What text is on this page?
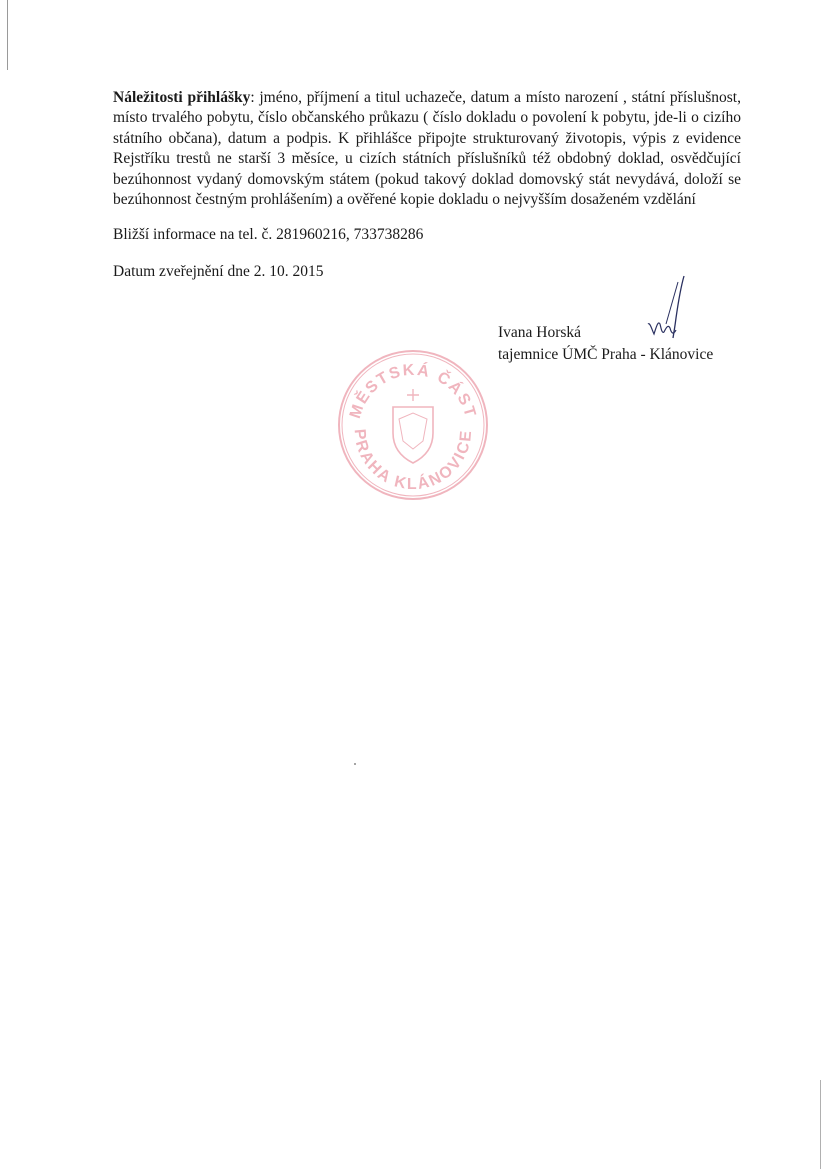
Náležitosti přihlášky: jméno, příjmení a titul uchazeče, datum a místo narození , státní příslušnost, místo trvalého pobytu, číslo občanského průkazu ( číslo dokladu o povolení k pobytu, jde-li o cizího státního občana), datum a podpis. K přihlášce připojte strukturovaný životopis, výpis z evidence Rejstříku trestů ne starší 3 měsíce, u cizích státních příslušníků též obdobný doklad, osvědčující bezúhonnost vydaný domovským státem (pokud takový doklad domovský stát nevydává, doloží se bezúhonnost čestným prohlášením) a ověřené kopie dokladu o nejvyšším dosaženém vzdělání

Bližší informace na tel. č. 281960216, 733738286
Datum zveřejnění dne 2. 10. 2015
MĚSTSKÁ ČÁST
PRAHA KLÁNOVICE
Ivana Horská
tajemnice ÚMČ Praha - Klánovice
